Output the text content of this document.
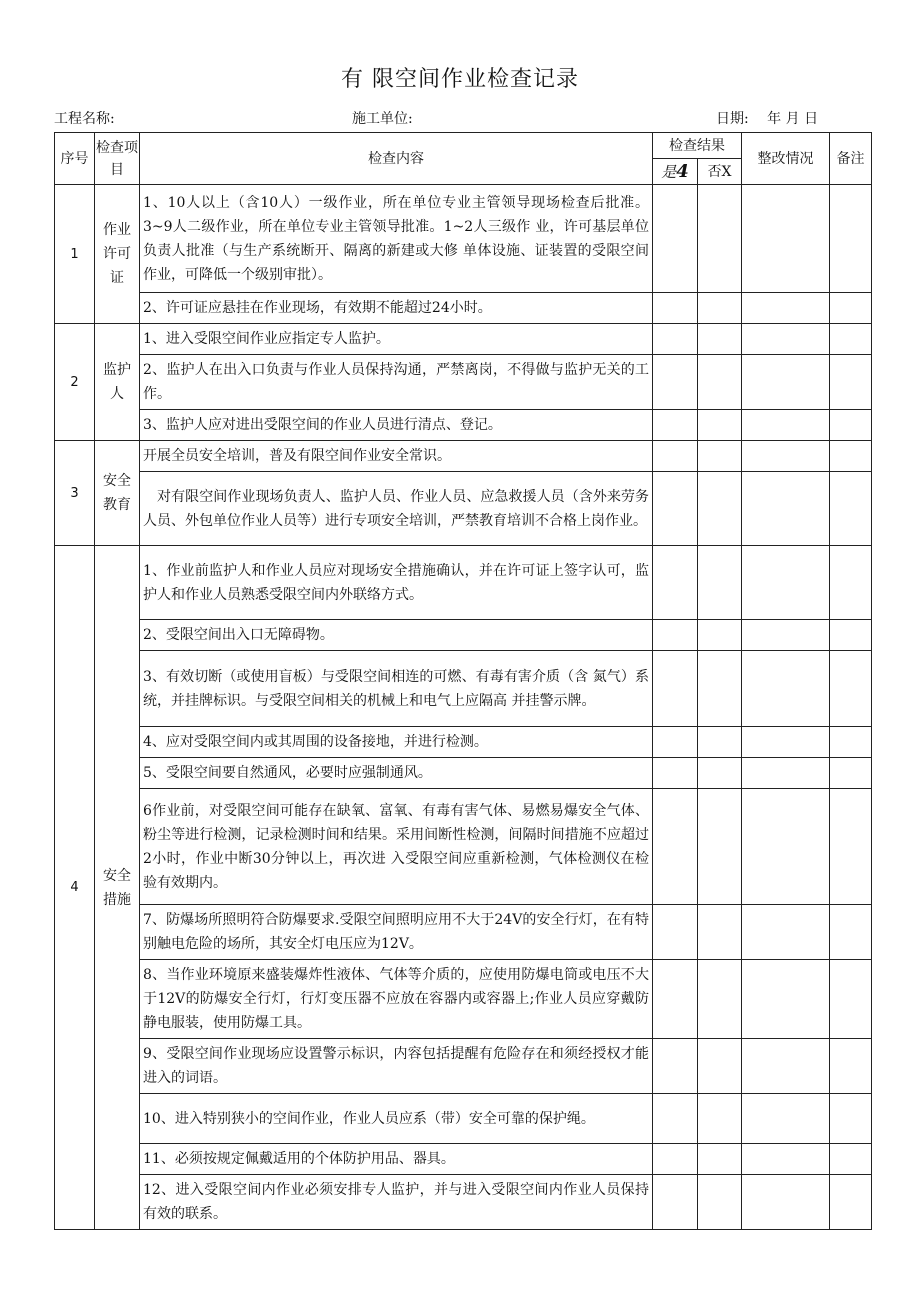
有 限空间作业检查记录
工程名称:	施工单位:	日期:　 年 月 日
序号	检查项目	检查内容	检查结果		整改情况	备注
			是4	否X		
1	作业许可证	1、10人以上（含10人）一级作业，所在单位专业主管领导现场检查后批准。3~9人二级作业，所在单位专业主管领导批准。1~2人三级作 业，许可基层单位负责人批准（与生产系统断开、隔离的新建或大修 单体设施、证装置的受限空间作业，可降低一个级别审批）。				
		2、许可证应悬挂在作业现场，有效期不能超过24小时。				
2	监护人	1、进入受限空间作业应指定专人监护。				
		2、监护人在出入口负责与作业人员保持沟通，严禁离岗，不得做与监护无关的工作。				
		3、监护人应对进出受限空间的作业人员进行清点、登记。				
3	安全教育	开展全员安全培训，普及有限空间作业安全常识。				
		　对有限空间作业现场负责人、监护人员、作业人员、应急救援人员（含外来劳务人员、外包单位作业人员等）进行专项安全培训，严禁教育培训不合格上岗作业。				
4	安全措施	1、作业前监护人和作业人员应对现场安全措施确认，并在许可证上签字认可，监护人和作业人员熟悉受限空间内外联络方式。				
		2、受限空间出入口无障碍物。				
		3、有效切断（或使用盲板）与受限空间相连的可燃、有毒有害介质（含 氮气）系统，并挂牌标识。与受限空间相关的机械上和电气上应隔高 并挂警示牌。				
		4、应对受限空间内或其周围的设备接地，并进行检测。				
		5、受限空间要自然通风，必要时应强制通风。				
		6作业前，对受限空间可能存在缺氧、富氧、有毒有害气体、易燃易爆安全气体、粉尘等进行检测，记录检测时间和结果。采用间断性检测，间隔时间措施不应超过2小时，作业中断30分钟以上，再次进 入受限空间应重新检测，气体检测仪在检验有效期内。				
		7、防爆场所照明符合防爆要求.受限空间照明应用不大于24V的安全行灯，在有特别触电危险的场所，其安全灯电压应为12V。				
		8、当作业环境原来盛装爆炸性液体、气体等介质的，应使用防爆电筒或电压不大于12V的防爆安全行灯，行灯变压器不应放在容器内或容器上;作业人员应穿戴防静电服装，使用防爆工具。				
		9、受限空间作业现场应设置警示标识，内容包括提醒有危险存在和须经授权才能进入的词语。				
		10、进入特别狭小的空间作业，作业人员应系（带）安全可靠的保护绳。				
		11、必须按规定佩戴适用的个体防护用品、器具。				
		12、进入受限空间内作业必须安排专人监护，并与进入受限空间内作业人员保持有效的联系。				
